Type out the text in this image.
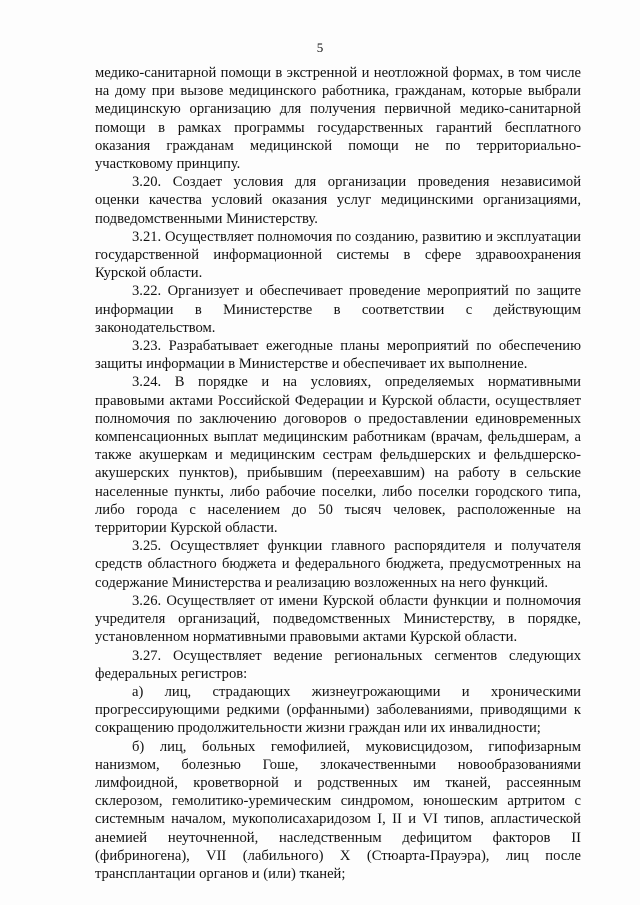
5

медико-санитарной помощи в экстренной и неотложной формах, в том числе на дому при вызове медицинского работника, гражданам, которые выбрали медицинскую организацию для получения первичной медико-санитарной помощи в рамках программы государственных гарантий бесплатного оказания гражданам медицинской помощи не по территориально-участковому принципу.

3.20. Создает условия для организации проведения независимой оценки качества условий оказания услуг медицинскими организациями, подведомственными Министерству.

3.21. Осуществляет полномочия по созданию, развитию и эксплуатации государственной информационной системы в сфере здравоохранения Курской области.

3.22. Организует и обеспечивает проведение мероприятий по защите информации в Министерстве в соответствии с действующим законодательством.

3.23. Разрабатывает ежегодные планы мероприятий по обеспечению защиты информации в Министерстве и обеспечивает их выполнение.

3.24. В порядке и на условиях, определяемых нормативными правовыми актами Российской Федерации и Курской области, осуществляет полномочия по заключению договоров о предоставлении единовременных компенсационных выплат медицинским работникам (врачам, фельдшерам, а также акушеркам и медицинским сестрам фельдшерских и фельдшерско-акушерских пунктов), прибывшим (переехавшим) на работу в сельские населенные пункты, либо рабочие поселки, либо поселки городского типа, либо города с населением до 50 тысяч человек, расположенные на территории Курской области.

3.25. Осуществляет функции главного распорядителя и получателя средств областного бюджета и федерального бюджета, предусмотренных на содержание Министерства и реализацию возложенных на него функций.

3.26. Осуществляет от имени Курской области функции и полномочия учредителя организаций, подведомственных Министерству, в порядке, установленном нормативными правовыми актами Курской области.

3.27. Осуществляет ведение региональных сегментов следующих федеральных регистров:

а) лиц, страдающих жизнеугрожающими и хроническими прогрессирующими редкими (орфанными) заболеваниями, приводящими к сокращению продолжительности жизни граждан или их инвалидности;

б) лиц, больных гемофилией, муковисцидозом, гипофизарным нанизмом, болезнью Гоше, злокачественными новообразованиями лимфоидной, кроветворной и родственных им тканей, рассеянным склерозом, гемолитико-уремическим синдромом, юношеским артритом с системным началом, мукополисахаридозом I, II и VI типов, апластической анемией неуточненной, наследственным дефицитом факторов II (фибриногена), VII (лабильного) X (Стюарта-Прауэра), лиц после трансплантации органов и (или) тканей;
